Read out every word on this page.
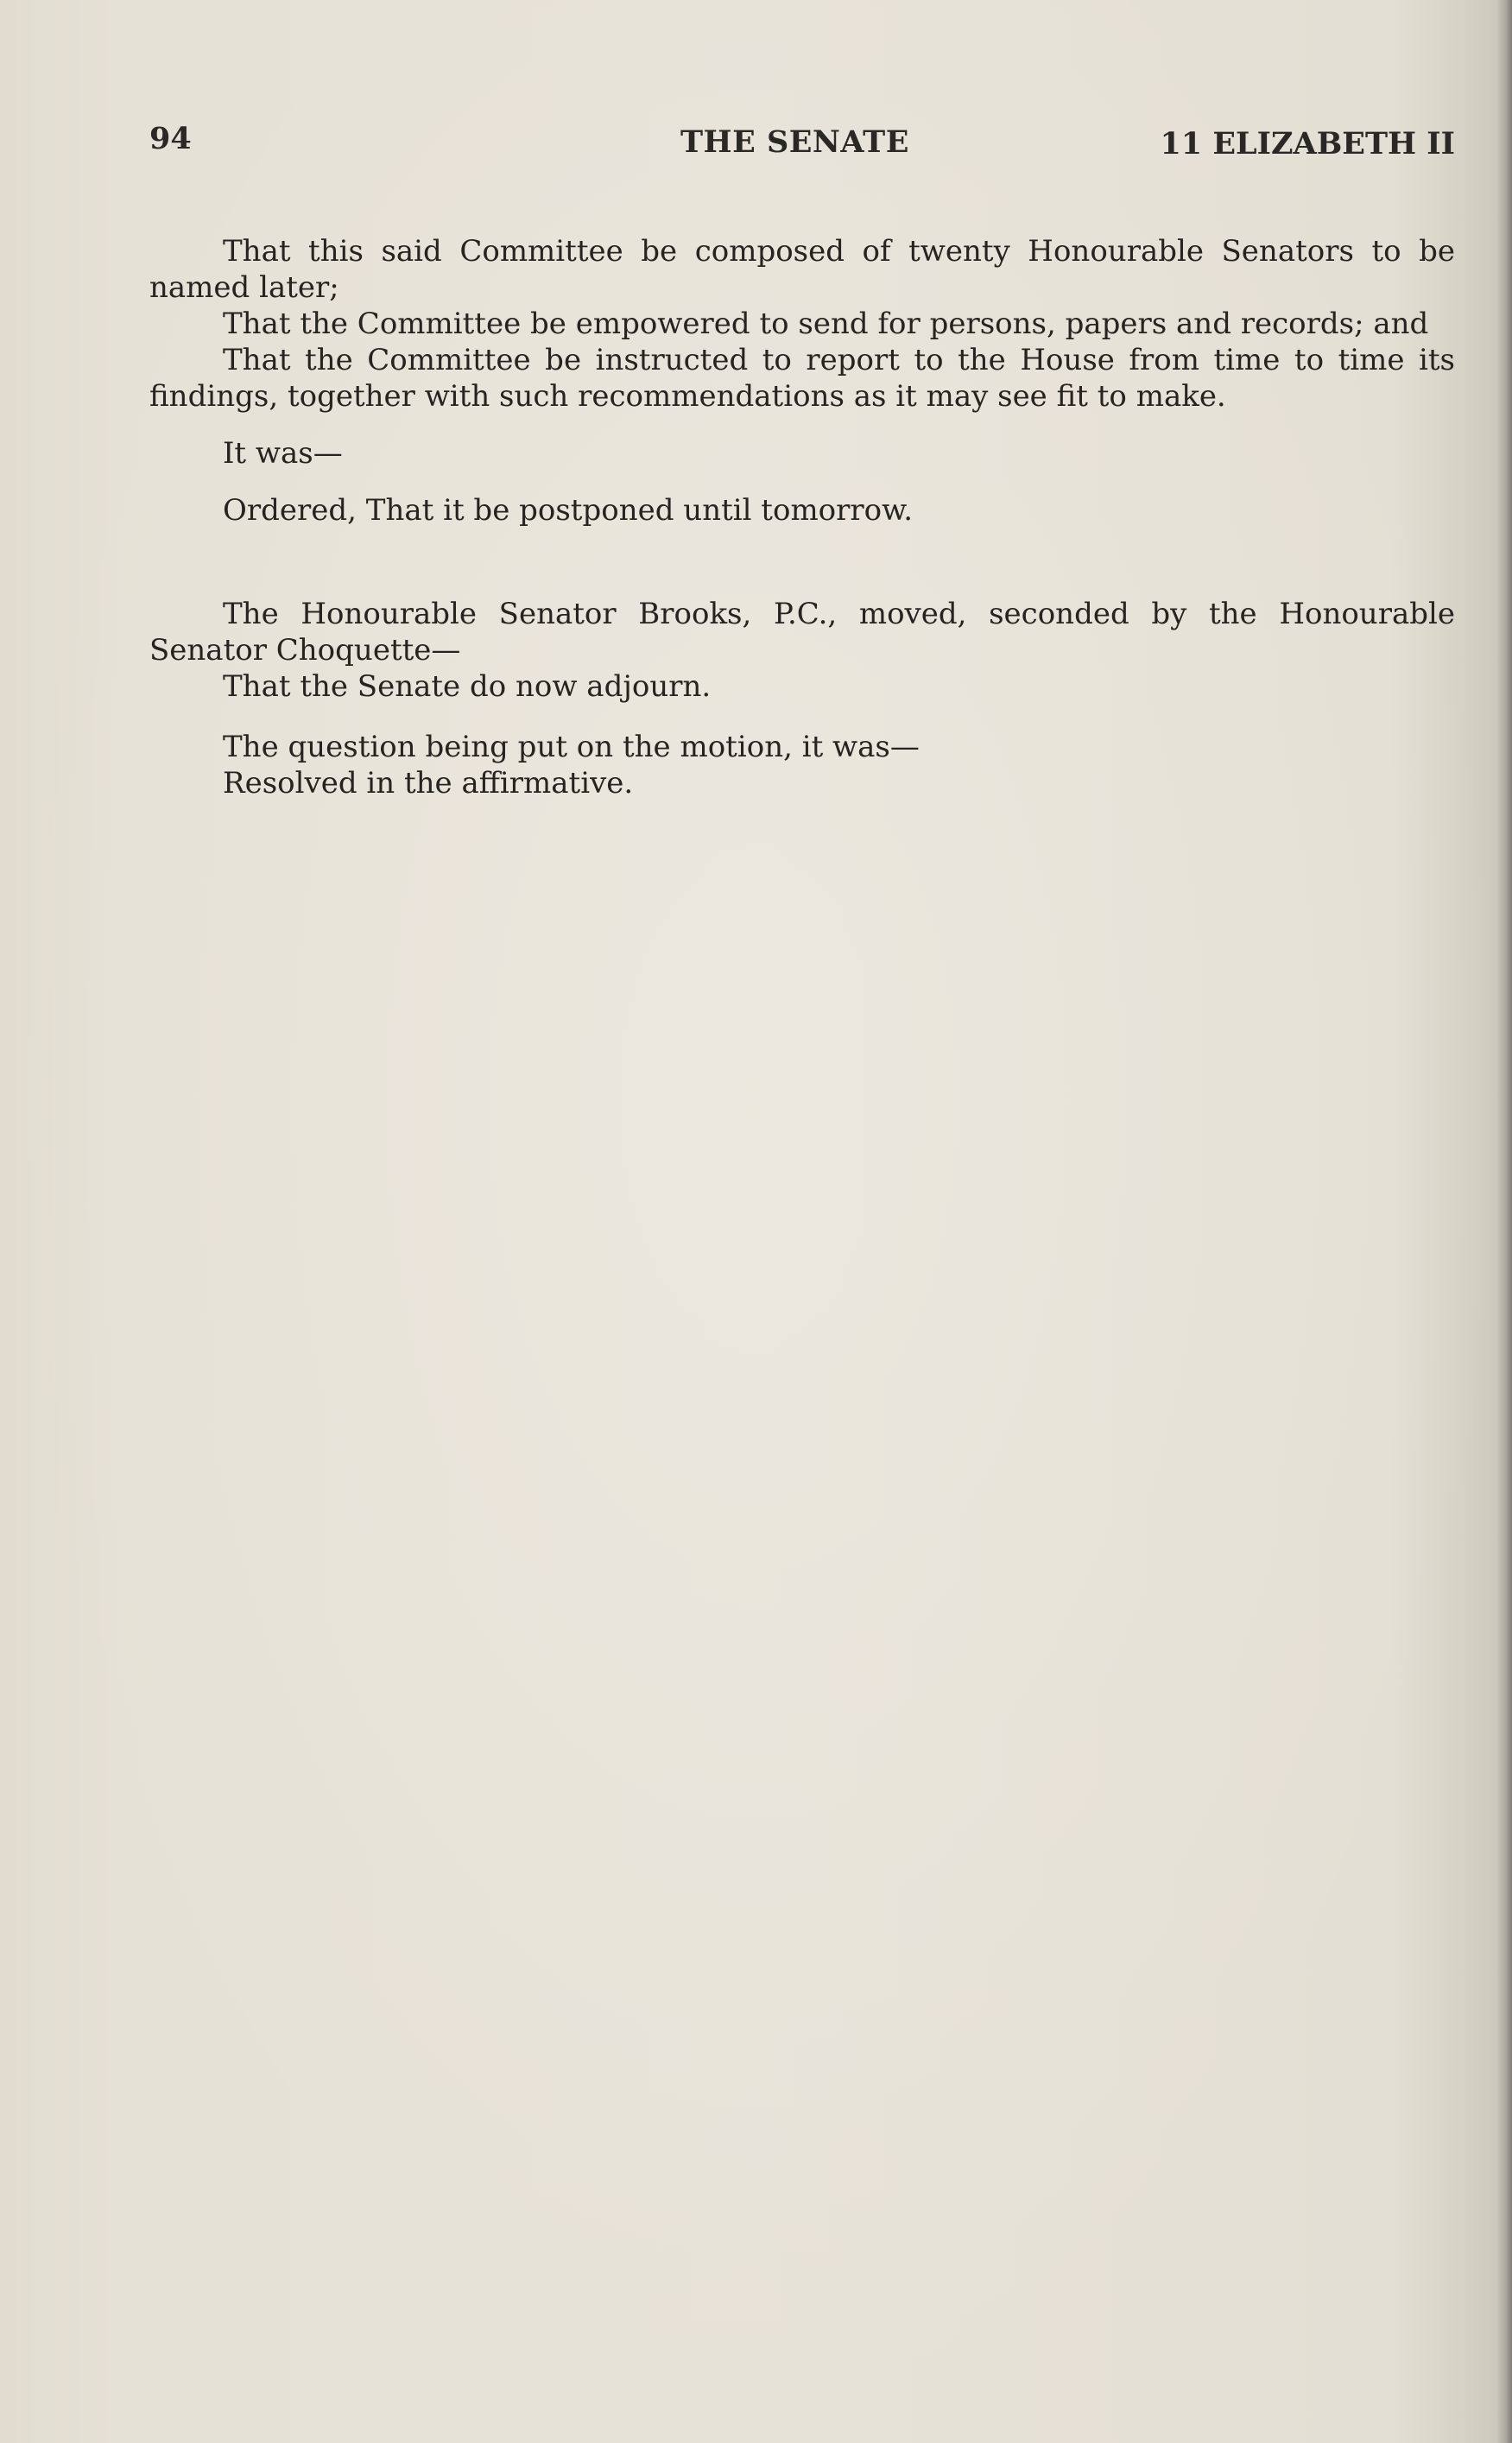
94	THE SENATE	11 ELIZABETH II

That this said Committee be composed of twenty Honourable Senators to be named later;

That the Committee be empowered to send for persons, papers and records; and

That the Committee be instructed to report to the House from time to time its findings, together with such recommendations as it may see fit to make.

It was—

Ordered, That it be postponed until tomorrow.

The Honourable Senator Brooks, P.C., moved, seconded by the Honourable Senator Choquette—

That the Senate do now adjourn.

The question being put on the motion, it was—

Resolved in the affirmative.
